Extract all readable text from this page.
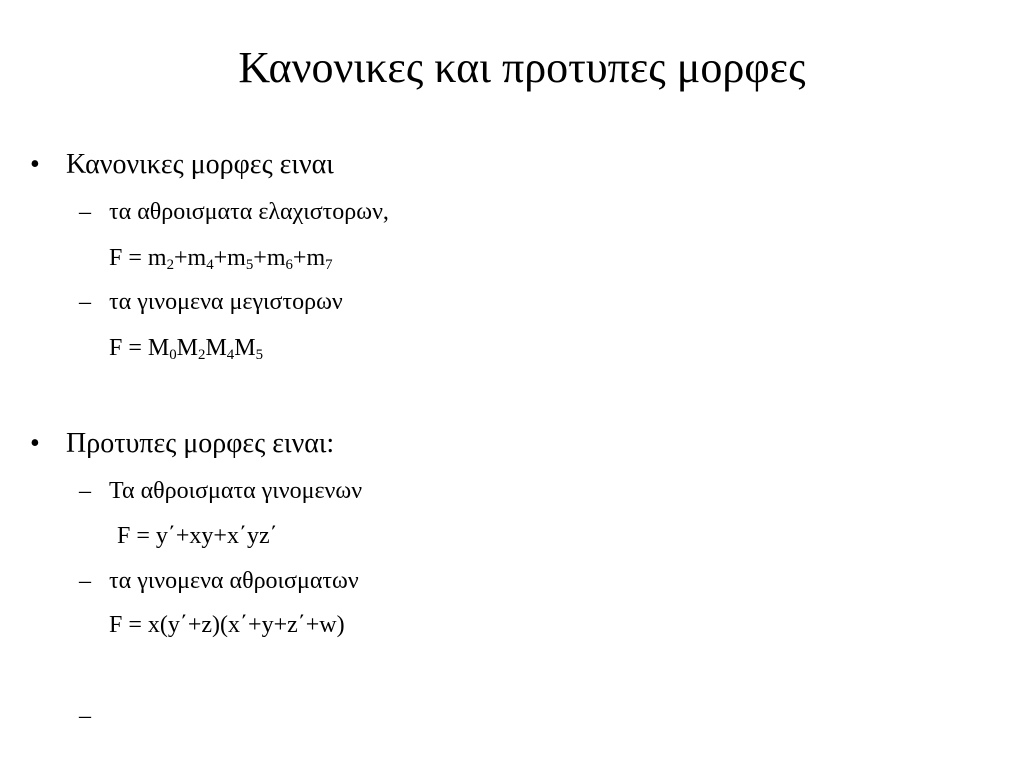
Κανονικες και προτυπες μορφες
• Κανονικες μορφες ειναι
– τα αθροισματα ελαχιστορων,
$F = m_2+m_4+m_5+m_6+m_7$
– τα γινομενα μεγιστορων
$F = M_0M_2M_4M_5$
• Προτυπες μορφες ειναι:
– Τα αθροισματα γινομενων
F = y΄+xy+x΄yz΄
– τα γινομενα αθροισματων
F = x(y΄+z)(x΄+y+z΄+w)
–
